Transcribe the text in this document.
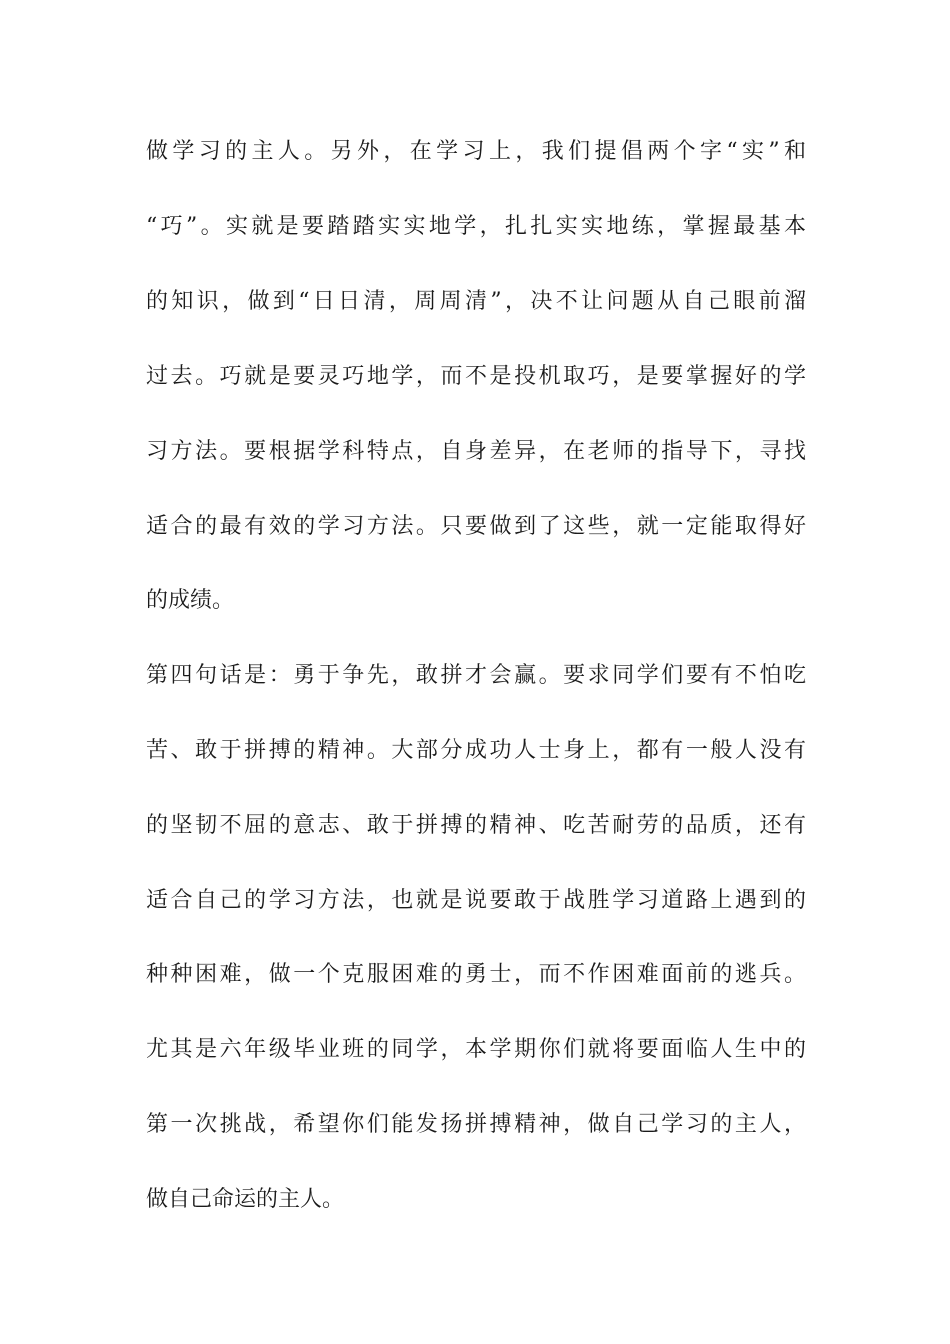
做学习的主人。另外，在学习上，我们提倡两个字“实”和
“巧”。实就是要踏踏实实地学，扎扎实实地练，掌握最基本
的知识，做到“日日清，周周清”，决不让问题从自己眼前溜
过去。巧就是要灵巧地学，而不是投机取巧，是要掌握好的学
习方法。要根据学科特点，自身差异，在老师的指导下，寻找
适合的最有效的学习方法。只要做到了这些，就一定能取得好
的成绩。
第四句话是：勇于争先，敢拼才会赢。要求同学们要有不怕吃
苦、敢于拼搏的精神。大部分成功人士身上，都有一般人没有
的坚韧不屈的意志、敢于拼搏的精神、吃苦耐劳的品质，还有
适合自己的学习方法，也就是说要敢于战胜学习道路上遇到的
种种困难，做一个克服困难的勇士，而不作困难面前的逃兵。
尤其是六年级毕业班的同学，本学期你们就将要面临人生中的
第一次挑战，希望你们能发扬拼搏精神，做自己学习的主人，
做自己命运的主人。
